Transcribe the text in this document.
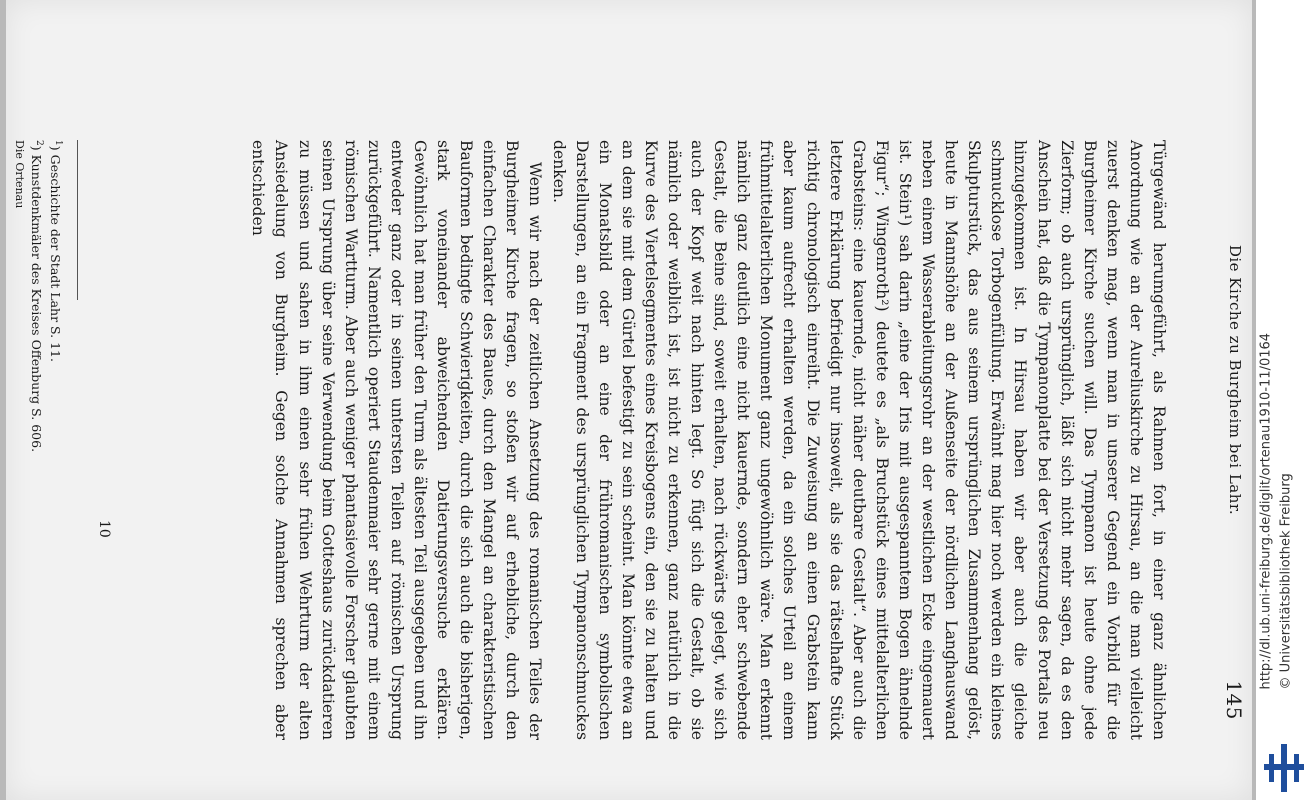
Die Kirche zu Burgheim bei Lahr.
145

Türgewänd herumgeführt, als Rahmen fort, in einer ganz ähnlichen Anordnung wie an der Aureliuskirche zu Hirsau, an die man vielleicht zuerst denken mag, wenn man in unserer Gegend ein Vorbild für die Burgheimer Kirche suchen will. Das Tympanon ist heute ohne jede Zierform; ob auch ursprünglich, läßt sich nicht mehr sagen, da es den Anschein hat, daß die Tympanonplatte bei der Versetzung des Portals neu hinzugekommen ist. In Hirsau haben wir aber auch die gleiche schmucklose Torbogenfüllung. Erwähnt mag hier noch werden ein kleines Skulpturstück, das aus seinem ursprünglichen Zusammenhang gelöst, heute in Mannshöhe an der Außenseite der nördlichen Langhauswand neben einem Wasserableitungsrohr an der westlichen Ecke eingemauert ist. Stein¹) sah darin „eine der Iris mit ausgespanntem Bogen ähnelnde Figur“; Wingenroth²) deutete es „als Bruchstück eines mittelalterlichen Grabsteins: eine kauernde, nicht näher deutbare Gestalt“. Aber auch die letztere Erklärung befriedigt nur insoweit, als sie das rätselhafte Stück richtig chronologisch einreiht. Die Zuweisung an einen Grabstein kann aber kaum aufrecht erhalten werden, da ein solches Urteil an einem frühmittelalterlichen Monument ganz ungewöhnlich wäre. Man erkennt nämlich ganz deutlich eine nicht kauernde, sondern eher schwebende Gestalt, die Beine sind, soweit erhalten, nach rückwärts gelegt, wie sich auch der Kopf weit nach hinten legt. So fügt sich die Gestalt, ob sie nämlich oder weiblich ist, ist nicht zu erkennen, ganz natürlich in die Kurve des Viertelsegmentes eines Kreisbogens ein, den sie zu halten und an dem sie mit dem Gürtel befestigt zu sein scheint. Man könnte etwa an ein Monatsbild oder an eine der frühromanischen symbolischen Darstellungen, an ein Fragment des ursprünglichen Tympanonschmuckes denken.

Wenn wir nach der zeitlichen Ansetzung des romanischen Teiles der Burgheimer Kirche fragen, so stoßen wir auf erhebliche, durch den einfachen Charakter des Baues, durch den Mangel an charakteristischen Bauformen bedingte Schwierigkeiten, durch die sich auch die bisherigen, stark voneinander abweichenden Datierungsversuche erklären. Gewöhnlich hat man früher den Turm als ältesten Teil ausgegeben und ihn entweder ganz oder in seinen untersten Teilen auf römischen Ursprung zurückgeführt. Namentlich operiert Staudenmaier sehr gerne mit einem römischen Wartturm. Aber auch weniger phantasievolle Forscher glaubten seinen Ursprung über seine Verwendung beim Gotteshaus zurückdatieren zu müssen und sahen in ihm einen sehr frühen Wehrturm der alten Ansiedelung von Burgheim. Gegen solche Annahmen sprechen aber entschieden

10
$^1$) Geschichte der Stadt Lahr S. 11.
$^2$) Kunstdenkmäler des Kreises Offenburg S. 606.
Die Ortenau
http://dl.ub.uni-freiburg.de/diglit/ortenau1910-11/0164 © Universitätsbibliothek Freiburg
